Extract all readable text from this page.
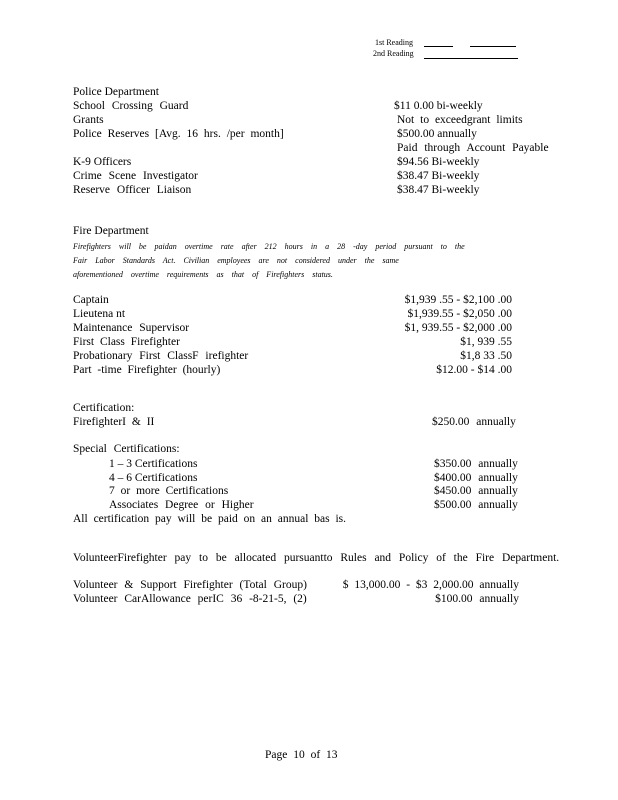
1st Reading
2nd Reading
Police Department
School Crossing Guard	$11 0.00 bi-weekly
Grants	Not to exceedgrant limits
Police Reserves [Avg. 16 hrs. /per month]	$500.00 annually
Paid through Account Payable
K-9 Officers	$94.56 Bi-weekly
Crime Scene Investigator	$38.47 Bi-weekly
Reserve Officer Liaison	$38.47 Bi-weekly
Fire Department
Firefighters will be paidan overtime rate after 212 hours in a 28 -day period pursuant to the
Fair Labor Standards Act. Civilian employees are not considered under the same
aforementioned overtime requirements as that of Firefighters status.
Captain	$1,939 .55 - $2,100 .00
Lieutena nt	$1,939.55 - $2,050 .00
Maintenance Supervisor	$1, 939.55 - $2,000 .00
First Class Firefighter	$1, 939 .55
Probationary First ClassF irefighter	$1,8 33 .50
Part -time Firefighter (hourly)	$12.00 - $14 .00
Certification:
FirefighterI & II	$250.00 annually
Special Certifications:
1 – 3 Certifications	$350.00 annually
4 – 6 Certifications	$400.00 annually
7 or more Certifications	$450.00 annually
Associates Degree or Higher	$500.00 annually
All certification pay will be paid on an annual bas is.
VolunteerFirefighter pay to be allocated pursuantto Rules and Policy of the Fire Department.
Volunteer & Support Firefighter (Total Group)	$ 13,000.00 - $3 2,000.00 annually
Volunteer CarAllowance perIC 36 -8-21-5, (2)	$100.00 annually
Page 10 of 13
